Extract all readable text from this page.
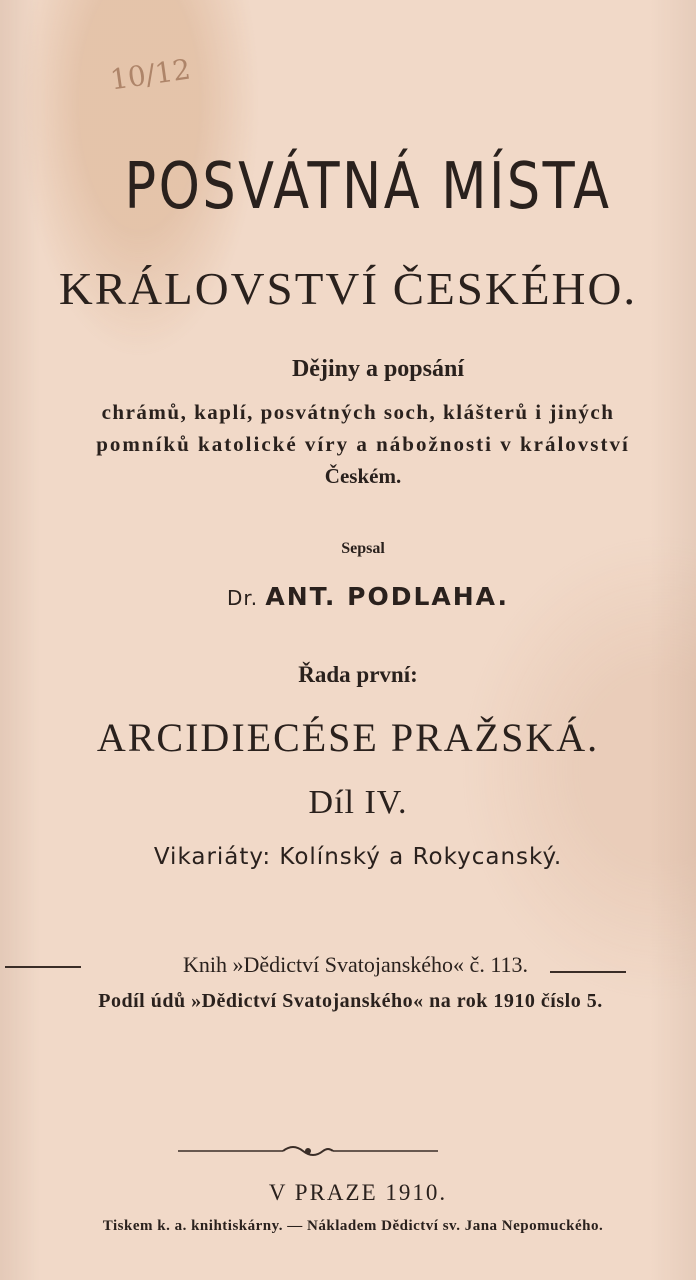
10/12
POSVÁTNÁ MÍSTA
KRÁLOVSTVÍ ČESKÉHO.
Dějiny a popsání
chrámů, kaplí, posvátných soch, klášterů i jiných
pomníků katolické víry a nábožnosti v království
Českém.
Sepsal
Dr. ANT. PODLAHA.
Řada první:
ARCIDIECÉSE PRAŽSKÁ.
Díl IV.
Vikariáty: Kolínský a Rokycanský.
Knih »Dědictví Svatojanského« č. 113.
Podíl údů »Dědictví Svatojanského« na rok 1910 číslo 5.
V PRAZE 1910.
Tiskem k. a. knihtiskárny. — Nákladem Dědictví sv. Jana Nepomuckého.
